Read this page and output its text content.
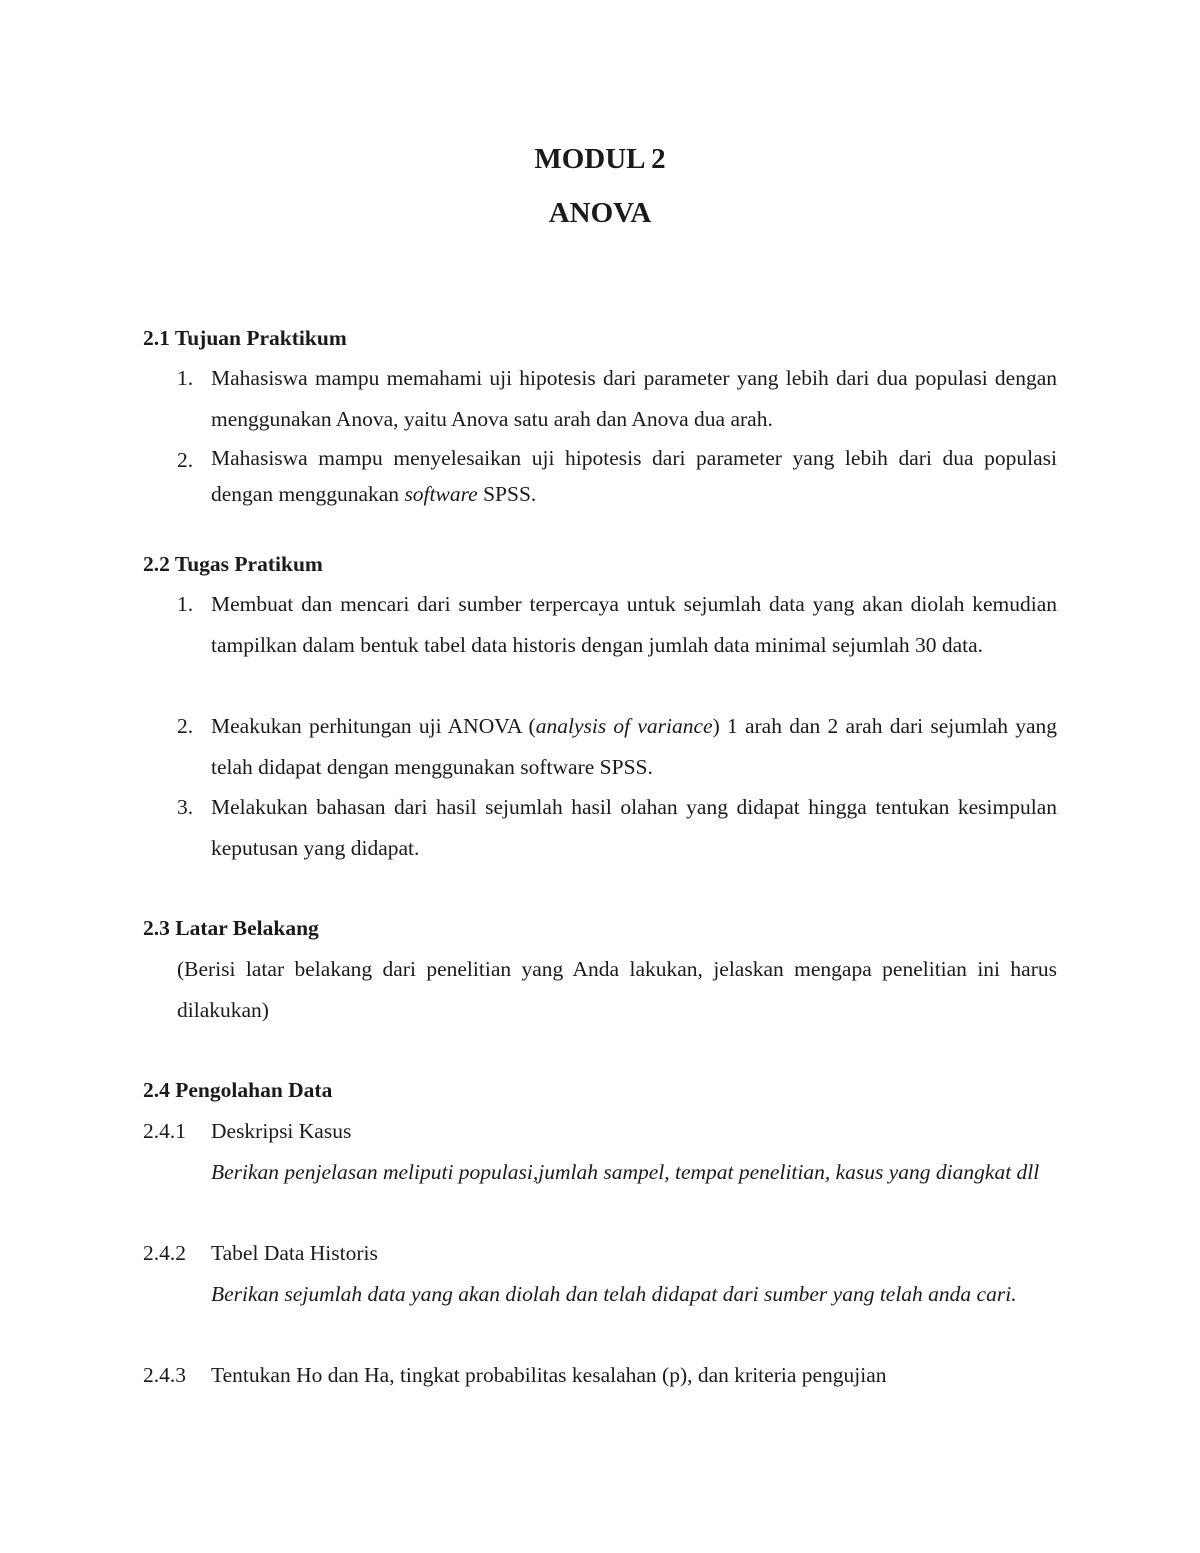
MODUL 2
ANOVA
2.1 Tujuan Praktikum
1. Mahasiswa mampu memahami uji hipotesis dari parameter yang lebih dari dua populasi dengan menggunakan Anova, yaitu Anova satu arah dan Anova dua arah.

2. Mahasiswa mampu menyelesaikan uji hipotesis dari parameter yang lebih dari dua populasi dengan menggunakan software SPSS.

2.2 Tugas Pratikum
1. Membuat dan mencari dari sumber terpercaya untuk sejumlah data yang akan diolah kemudian tampilkan dalam bentuk tabel data historis dengan jumlah data minimal sejumlah 30 data.

2. Meakukan perhitungan uji ANOVA (analysis of variance) 1 arah dan 2 arah dari sejumlah yang telah didapat dengan menggunakan software SPSS.

3. Melakukan bahasan dari hasil sejumlah hasil olahan yang didapat hingga tentukan kesimpulan keputusan yang didapat.

2.3 Latar Belakang

(Berisi latar belakang dari penelitian yang Anda lakukan, jelaskan mengapa penelitian ini harus dilakukan)

2.4 Pengolahan Data
2.4.1 Deskripsi Kasus

Berikan penjelasan meliputi populasi,jumlah sampel, tempat penelitian, kasus yang diangkat dll

2.4.2 Tabel Data Historis

Berikan sejumlah data yang akan diolah dan telah didapat dari sumber yang telah anda cari.

2.4.3 Tentukan Ho dan Ha, tingkat probabilitas kesalahan (p), dan kriteria pengujian
